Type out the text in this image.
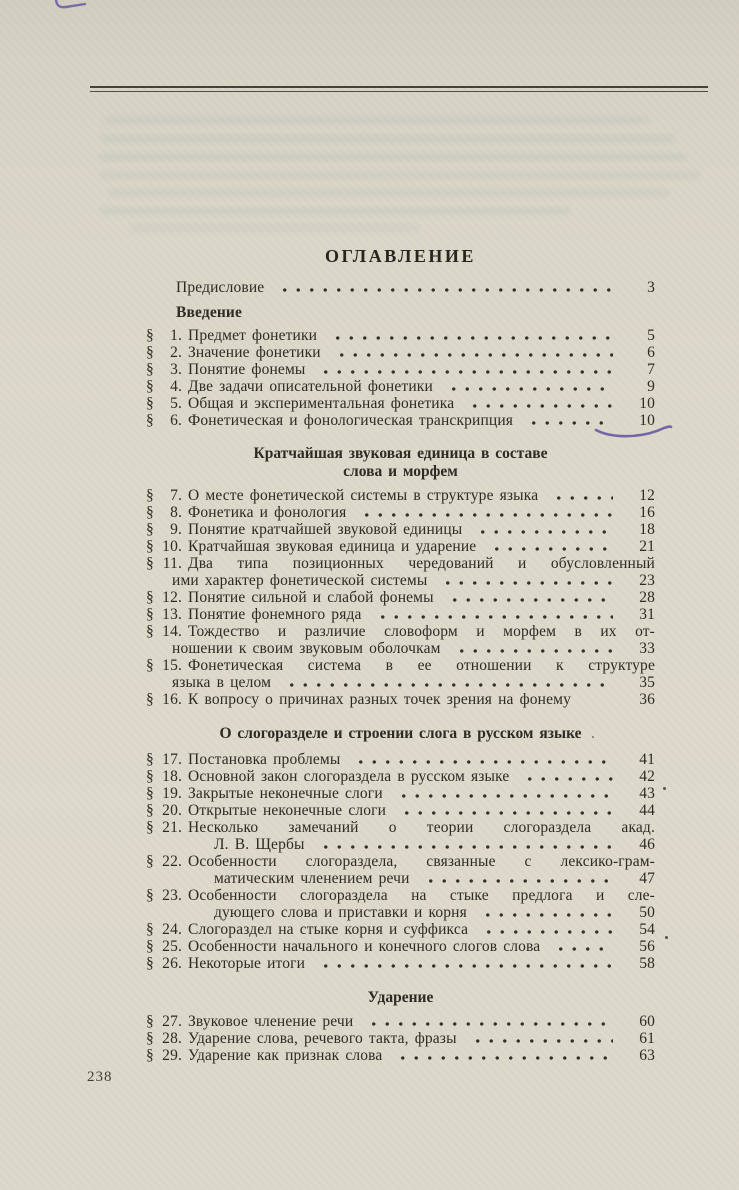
ОГЛАВЛЕНИЕ
Предисловие	3
Введение
§ 1. Предмет фонетики	5
§ 2. Значение фонетики	6
§ 3. Понятие фонемы	7
§ 4. Две задачи описательной фонетики	9
§ 5. Общая и экспериментальная фонетика	10
§ 6. Фонетическая и фонологическая транскрипция	10
Кратчайшая звуковая единица в составе
слова и морфем
§ 7. О месте фонетической системы в структуре языка	12
§ 8. Фонетика и фонология	16
§ 9. Понятие кратчайшей звуковой единицы	18
§ 10. Кратчайшая звуковая единица и ударение	21
§ 11. Два типа позиционных чередований и обусловленный
ими характер фонетической системы	23
§ 12. Понятие сильной и слабой фонемы	28
§ 13. Понятие фонемного ряда	31
§ 14. Тождество и различие словоформ и морфем в их от-
ношении к своим звуковым оболочкам	33
§ 15. Фонетическая система в ее отношении к структуре
языка в целом	35
§ 16. К вопросу о причинах разных точек зрения на фонему	36
О слогоразделе и строении слога в русском языке
§ 17. Постановка проблемы	41
§ 18. Основной закон слогораздела в русском языке	42
§ 19. Закрытые неконечные слоги	43
§ 20. Открытые неконечные слоги	44
§ 21. Несколько замечаний о теории слогораздела акад.
Л. В. Щербы	46
§ 22. Особенности слогораздела, связанные с лексико-грам-
матическим членением речи	47
§ 23. Особенности слогораздела на стыке предлога и сле-
дующего слова и приставки и корня	50
§ 24. Слогораздел на стыке корня и суффикса	54
§ 25. Особенности начального и конечного слогов слова	56
§ 26. Некоторые итоги	58
Ударение
§ 27. Звуковое членение речи	60
§ 28. Ударение слова, речевого такта, фразы	61
§ 29. Ударение как признак слова	63
238
